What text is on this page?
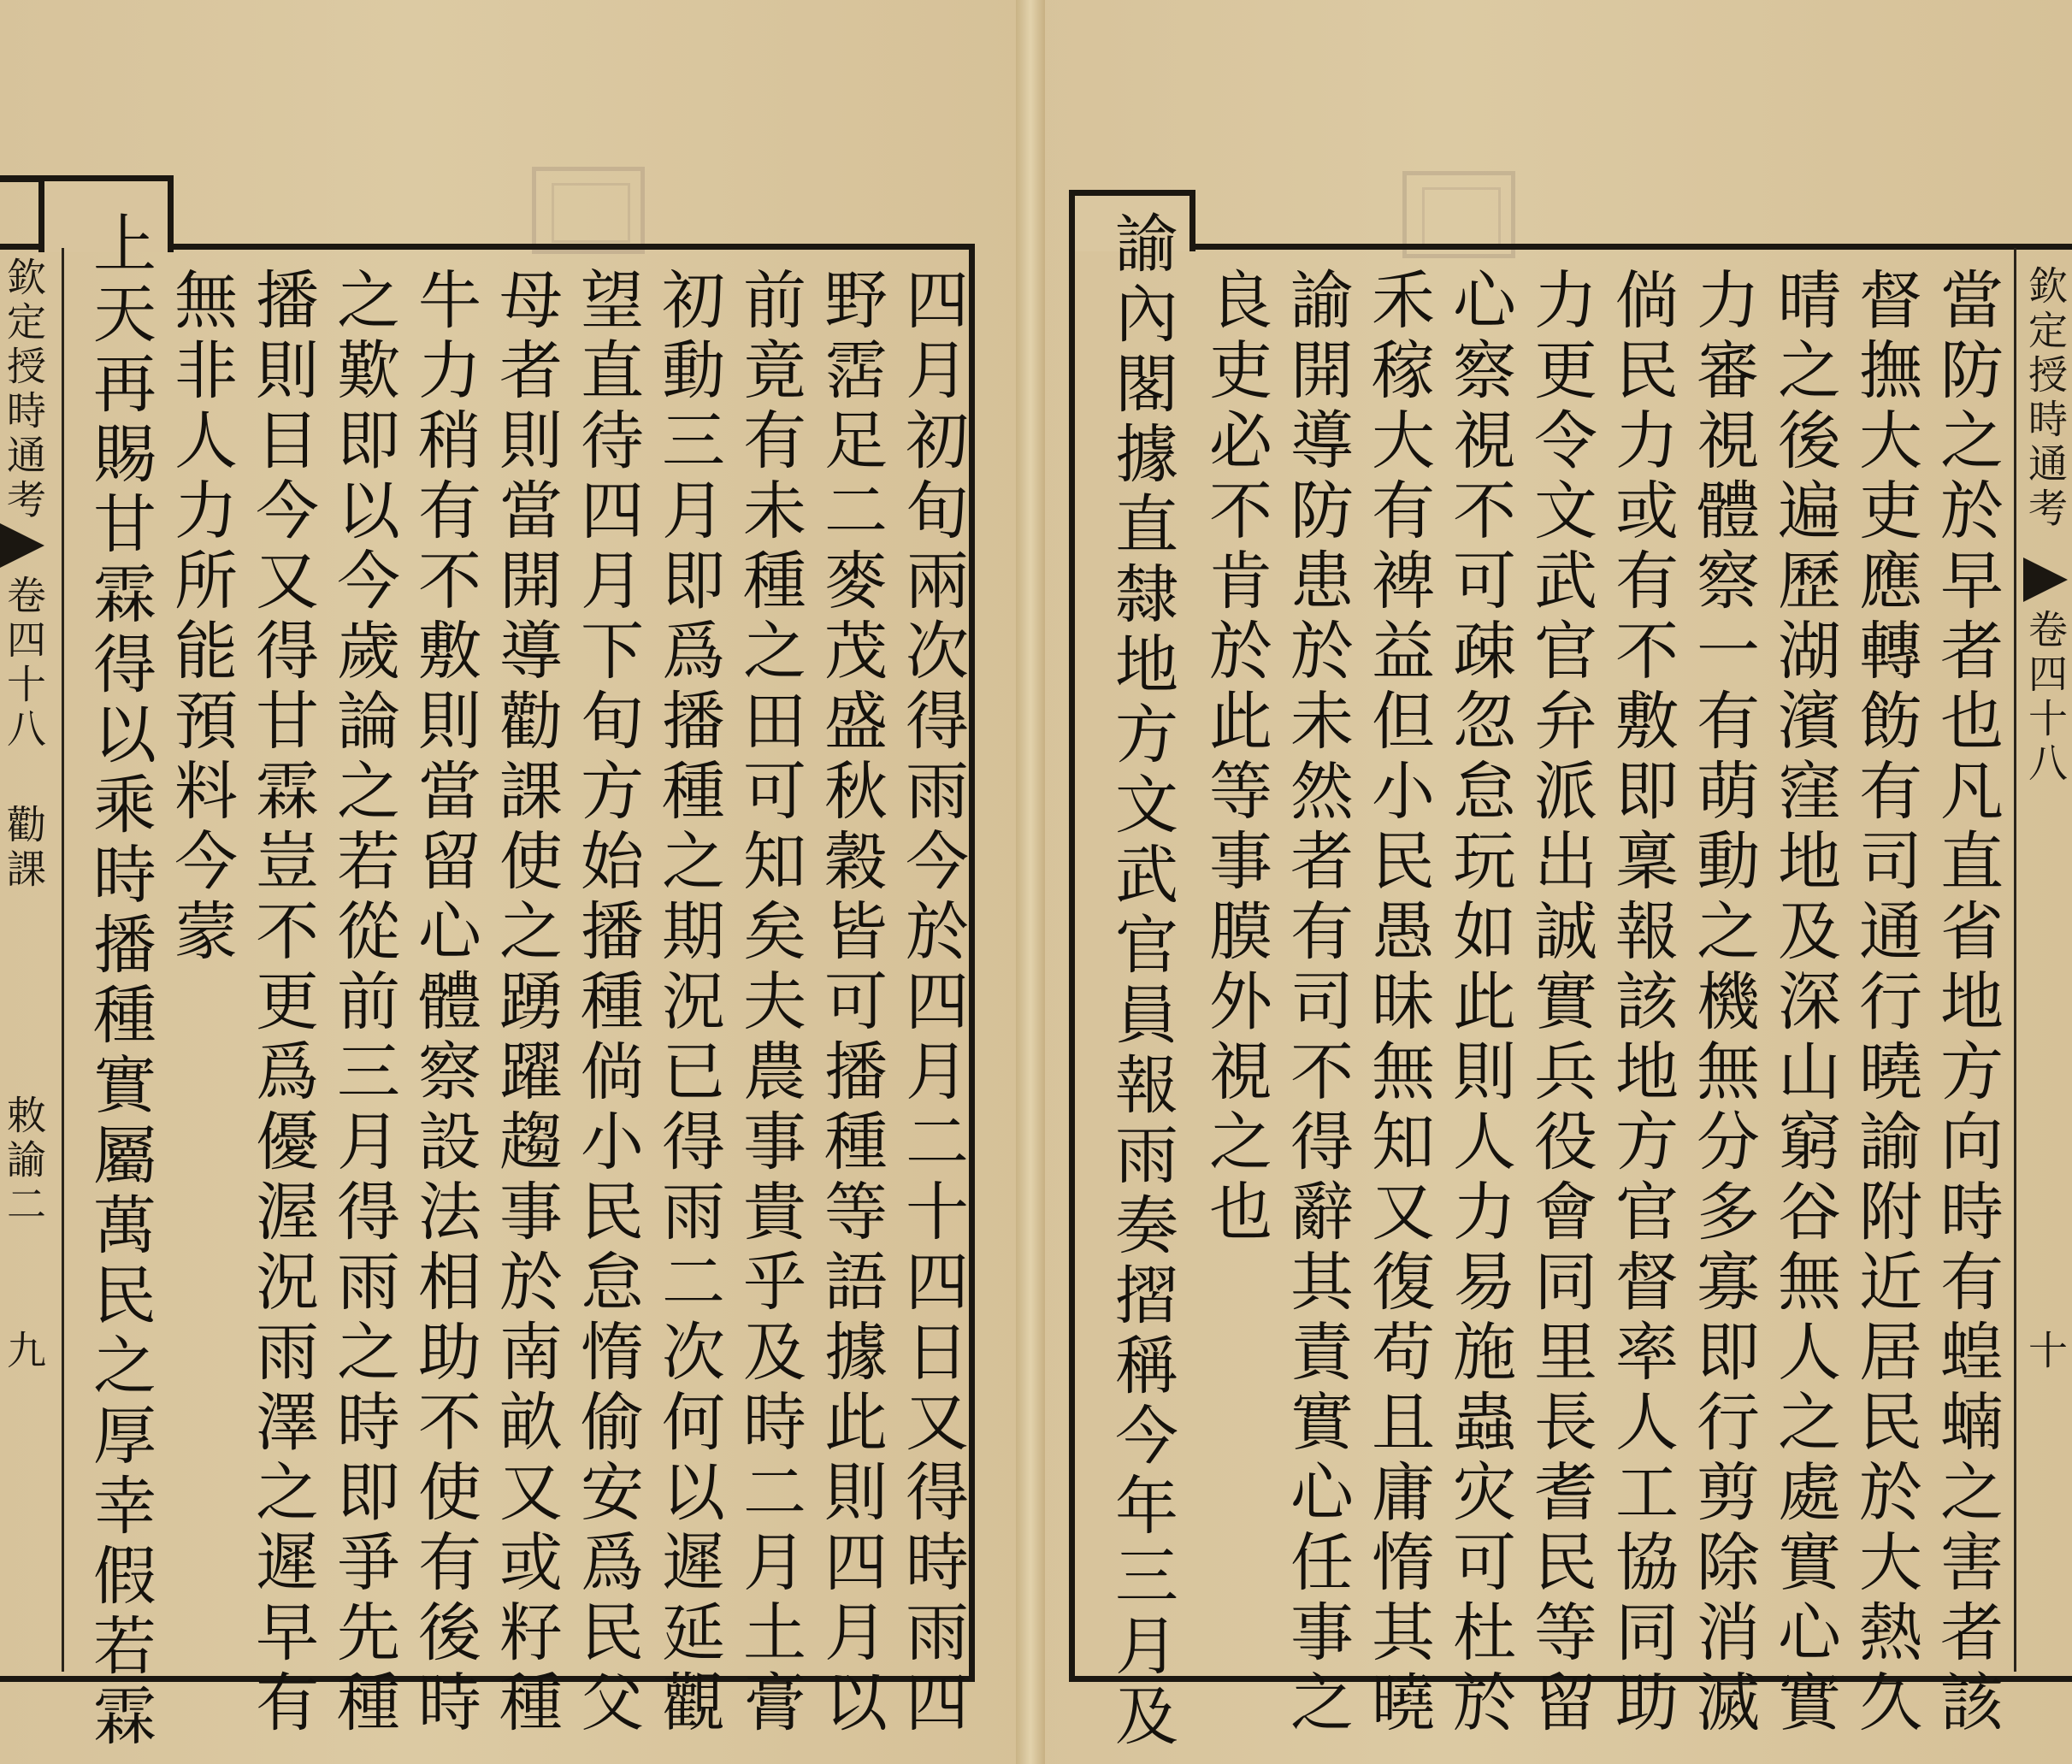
欽定授時通考
卷四十八 勸課
敕諭二
九	四月初旬兩次得雨今於四月二十四日又得時雨四
野霑足二麥茂盛秋穀皆可播種等語據此則四月以
前竟有未種之田可知矣夫農事貴乎及時二月土膏
初動三月即爲播種之期況已得雨二次何以遲延觀
望直待四月下旬方始播種倘小民怠惰偷安爲民父
母者則當開導勸課使之踴躍趨事於南畝又或籽種
牛力稍有不敷則當留心體察設法相助不使有後時
之歎即以今歲論之若從前三月得雨之時即爭先種
播則目今又得甘霖豈不更爲優渥況雨澤之遲早有
無非人力所能預料今蒙
上天再賜甘霖得以乘時播種實屬萬民之厚幸假若霖	欽定授時通考
卷四十八
十
當防之於早者也凡直省地方向時有蝗蝻之害者該
督撫大吏應轉飭有司通行曉諭附近居民於大熱久
晴之後遍歷湖濱窪地及深山窮谷無人之處實心實
力審視體察一有萌動之機無分多寡即行剪除消滅
倘民力或有不敷即稟報該地方官督率人工協同助
力更令文武官弁派出誠實兵役會同里長耆民等留
心察視不可疎忽怠玩如此則人力易施蟲灾可杜於
禾稼大有裨益但小民愚昧無知又復苟且庸惰其曉
諭開導防患於未然者有司不得辭其責實心任事之
良吏必不肯於此等事膜外視之也
諭內閣據直隸地方文武官員報雨奏摺稱今年三月及
